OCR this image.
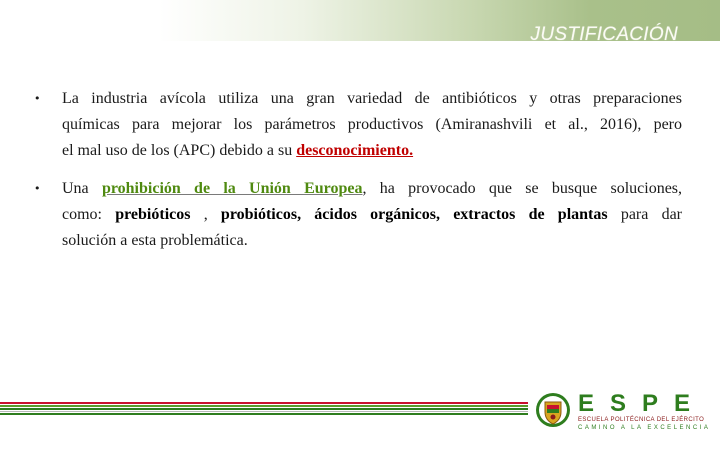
JUSTIFICACIÓN
• La industria avícola utiliza una gran variedad de antibióticos y otras preparaciones
químicas para mejorar los parámetros productivos (Amiranashvili et al., 2016), pero
el mal uso de los (APC) debido a su desconocimiento.
• Una prohibición de la Unión Europea, ha provocado que se busque soluciones,
como: prebióticos , probióticos, ácidos orgánicos, extractos de plantas para dar
solución a esta problemática.
ESPE
ESCUELA POLITÉCNICA DEL EJÉRCITO
CAMINO A LA EXCELENCIA
